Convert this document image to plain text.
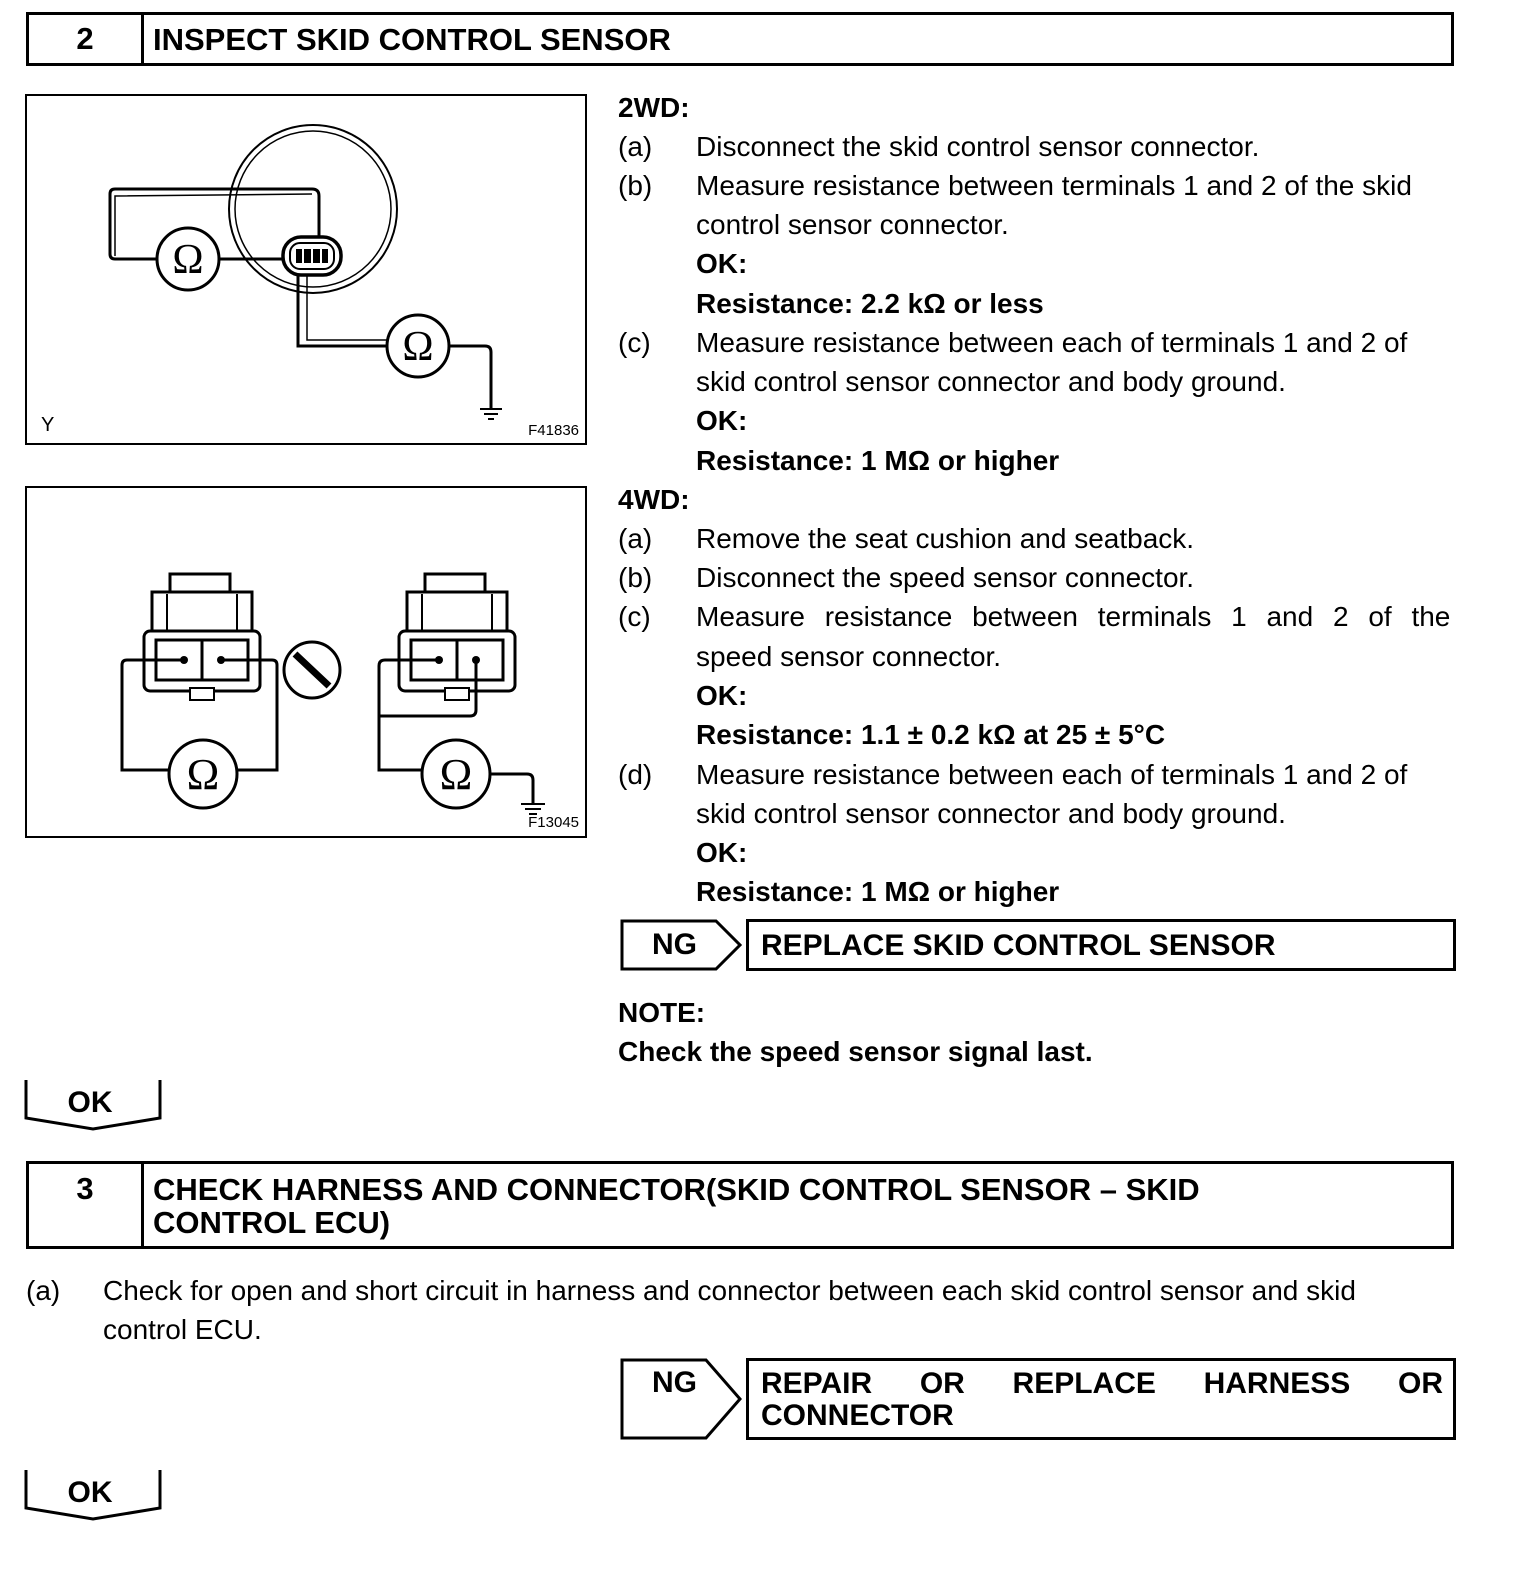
2	INSPECT SKID CONTROL SENSOR
Ω
Ω
Y	F41836
Ω	Ω
F13045
2WD:
(a) Disconnect the skid control sensor connector.
(b) Measure resistance between terminals 1 and 2 of the skid
control sensor connector.
OK:
Resistance: 2.2 kΩ or less
(c) Measure resistance between each of terminals 1 and 2 of
skid control sensor connector and body ground.
OK:
Resistance: 1 MΩ or higher
4WD:
(a) Remove the seat cushion and seatback.
(b) Disconnect the speed sensor connector.
(c) Measure resistance between terminals 1 and 2 of the
speed sensor connector.
OK:
Resistance: 1.1 ± 0.2 kΩ at 25 ± 5°C
(d) Measure resistance between each of terminals 1 and 2 of
skid control sensor connector and body ground.
OK:
Resistance: 1 MΩ or higher
NG REPLACE SKID CONTROL SENSOR
NOTE:
Check the speed sensor signal last.
OK
3	CHECK HARNESS AND CONNECTOR(SKID CONTROL SENSOR – SKID
CONTROL ECU)
(a) Check for open and short circuit in harness and connector between each skid control sensor and skid
control ECU.
NG REPAIR OR REPLACE HARNESS OR
CONNECTOR
OK
